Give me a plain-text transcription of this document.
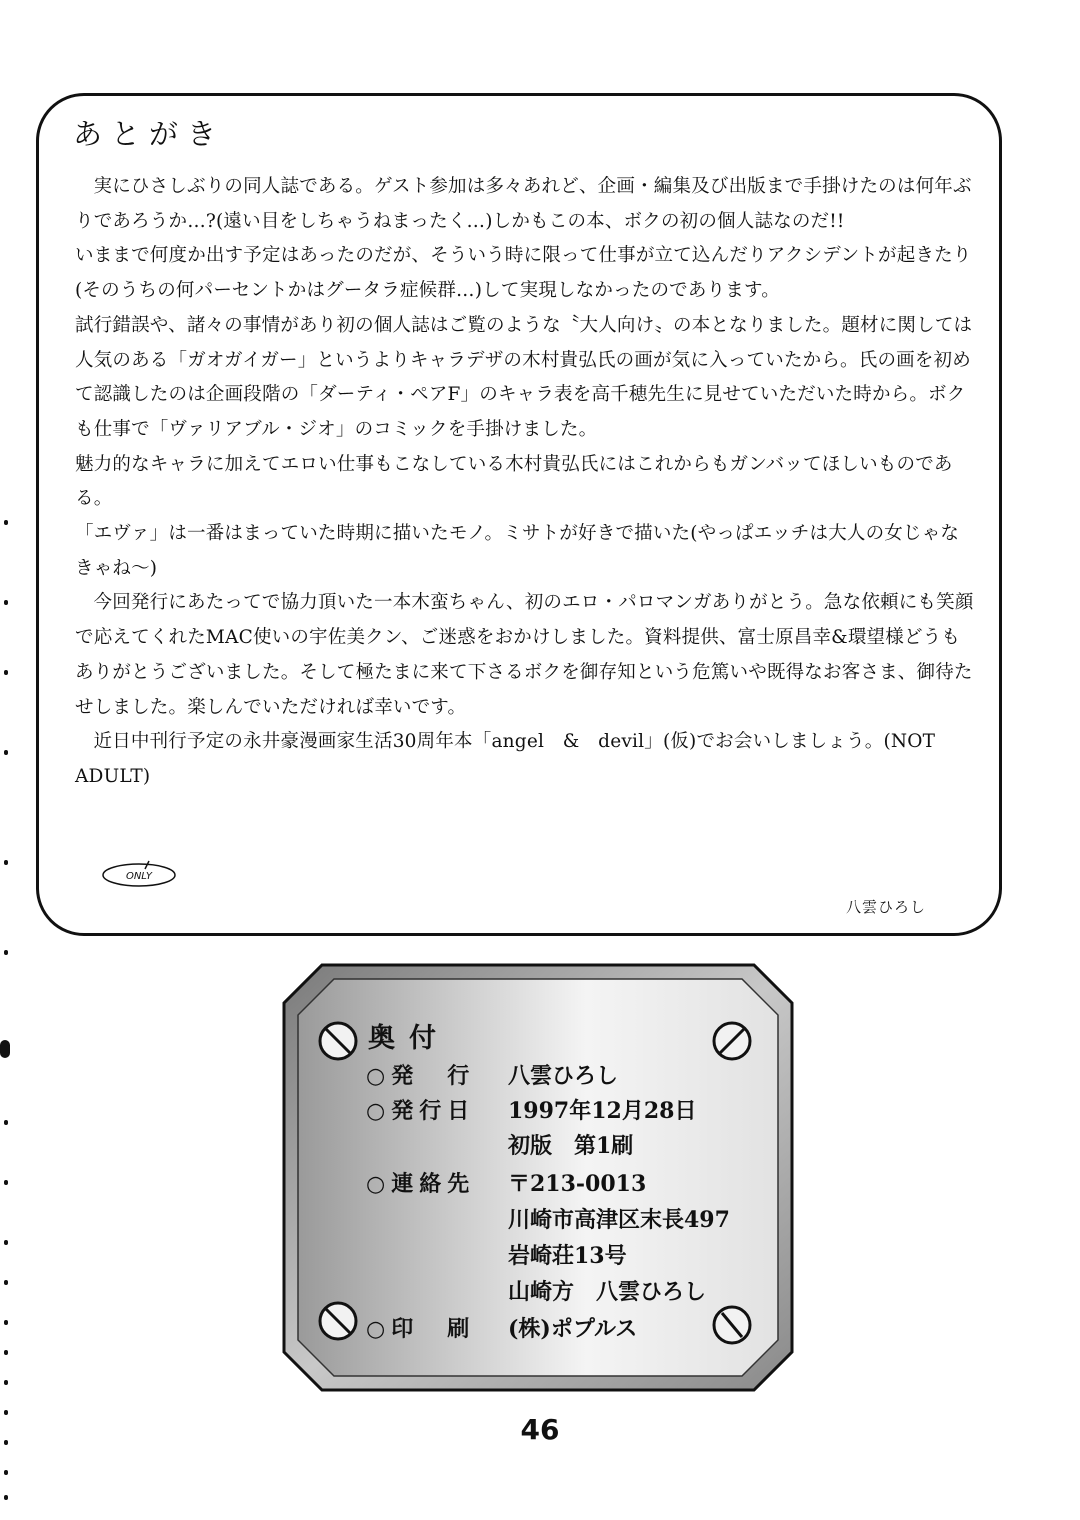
あとがき

実にひさしぶりの同人誌である。ゲスト参加は多々あれど、企画・編集及び出版まで手掛けたのは何年ぶりであろうか…?(遠い目をしちゃうねまったく…)しかもこの本、ボクの初の個人誌なのだ!!

いままで何度か出す予定はあったのだが、そういう時に限って仕事が立て込んだりアクシデントが起きたり(そのうちの何パーセントかはグータラ症候群…)して実現しなかったのであります。

試行錯誤や、諸々の事情があり初の個人誌はご覧のような〝大人向け〟の本となりました。題材に関しては人気のある「ガオガイガー」というよりキャラデザの木村貴弘氏の画が気に入っていたから。氏の画を初めて認識したのは企画段階の「ダーティ・ペアF」のキャラ表を高千穂先生に見せていただいた時から。ボクも仕事で「ヴァリアブル・ジオ」のコミックを手掛けました。

魅力的なキャラに加えてエロい仕事もこなしている木村貴弘氏にはこれからもガンバッてほしいものである。

「エヴァ」は一番はまっていた時期に描いたモノ。ミサトが好きで描いた(やっぱエッチは大人の女じゃなきゃね～)

今回発行にあたってで協力頂いた一本木蛮ちゃん、初のエロ・パロマンガありがとう。急な依頼にも笑顔で応えてくれたMAC使いの宇佐美クン、ご迷惑をおかけしました。資料提供、富士原昌幸&環望様どうもありがとうございました。そして極たまに来て下さるボクを御存知という危篤いや既得なお客さま、御待たせしました。楽しんでいただければ幸いです。

近日中刊行予定の永井豪漫画家生活30周年本「angel　&　devil」(仮)でお会いしましょう。(NOT ADULT)

ONLY
八雲ひろし
奥付
○発　行 八雲ひろし
○発行日 1997年12月28日
初版　第1刷
○連絡先 〒213-0013
川崎市高津区末長497
岩崎荘13号
山崎方　八雲ひろし
○印　刷 (株)ポプルス
46
